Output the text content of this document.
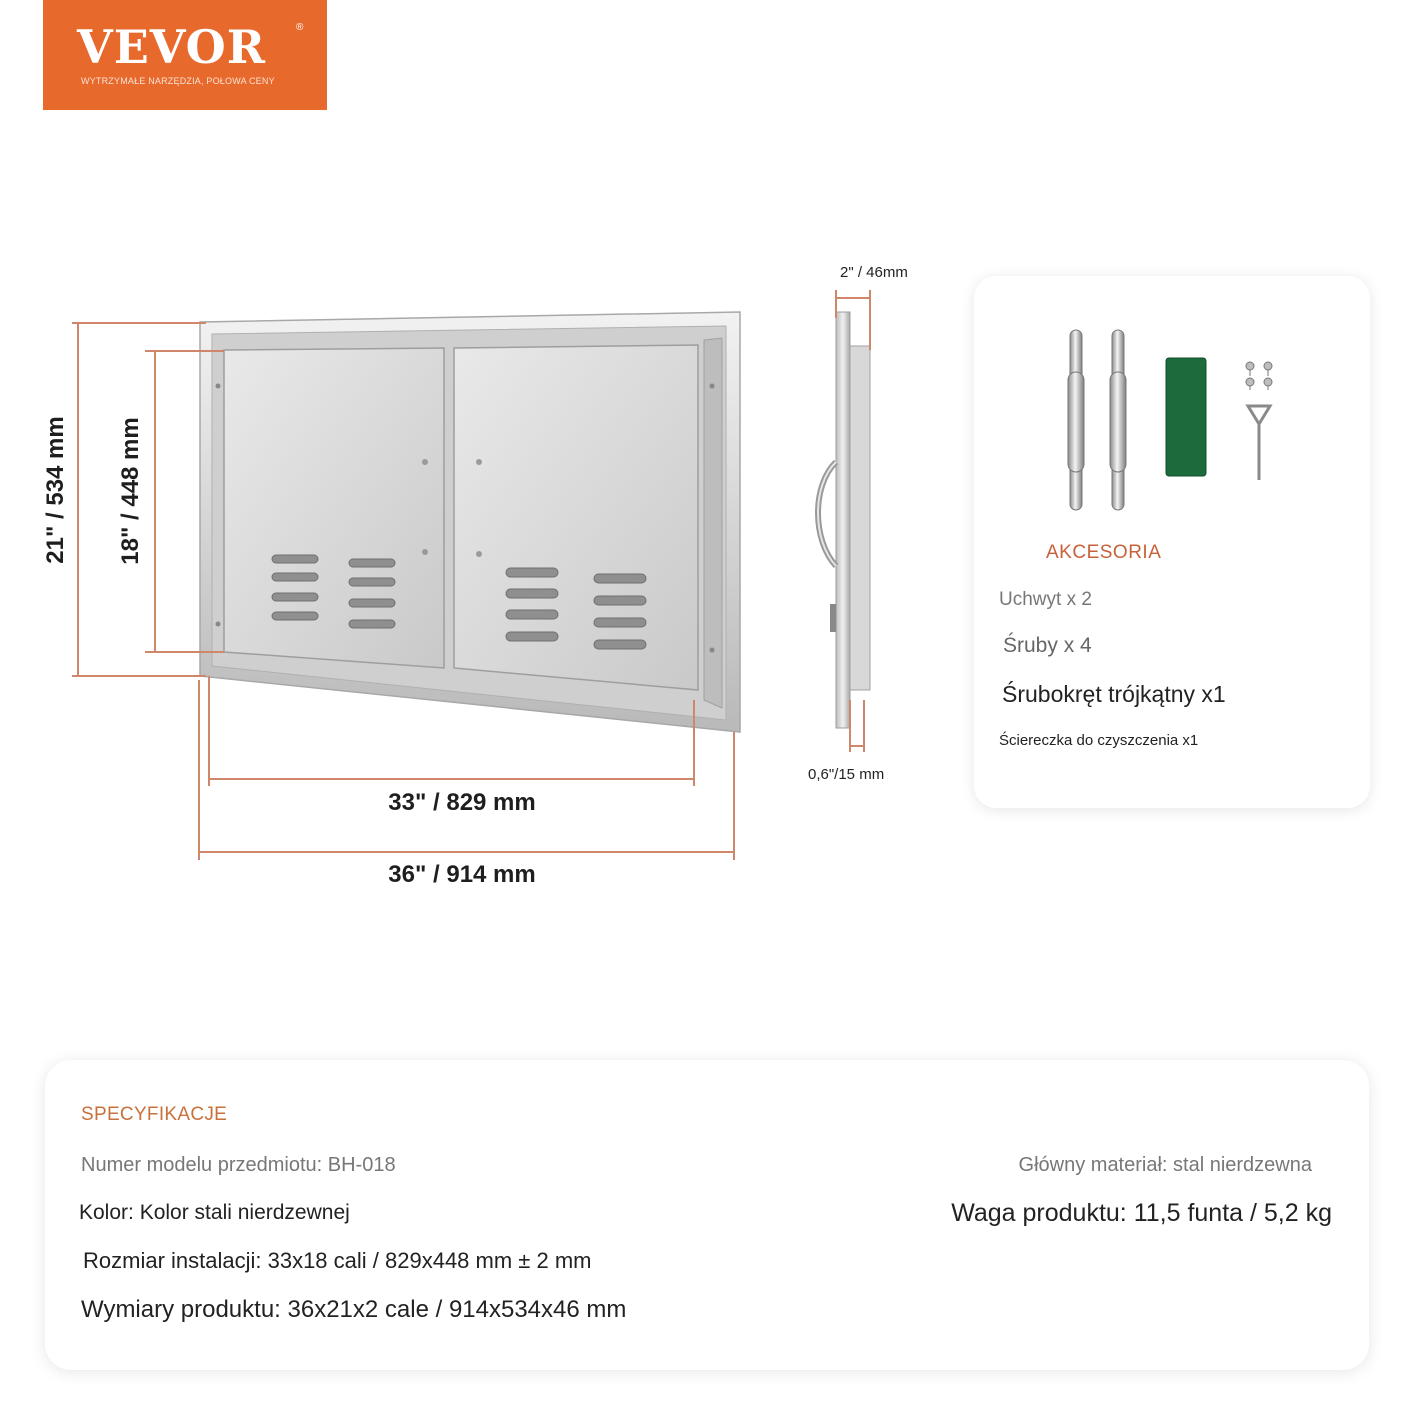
VEVOR	®
WYTRZYMAŁE NARZĘDZIA, POŁOWA CENY
21" / 534 mm 18" / 448 mm
33" / 829 mm
36" / 914 mm
2" / 46mm
0,6"/15 mm
AKCESORIA
Uchwyt x 2
Śruby x 4
Śrubokręt trójkątny x1
Ściereczka do czyszczenia x1
SPECYFIKACJE
Numer modelu przedmiotu: BH-018	Główny materiał: stal nierdzewna
Kolor: Kolor stali nierdzewnej	Waga produktu: 11,5 funta / 5,2 kg
Rozmiar instalacji: 33x18 cali / 829x448 mm ± 2 mm
Wymiary produktu: 36x21x2 cale / 914x534x46 mm
